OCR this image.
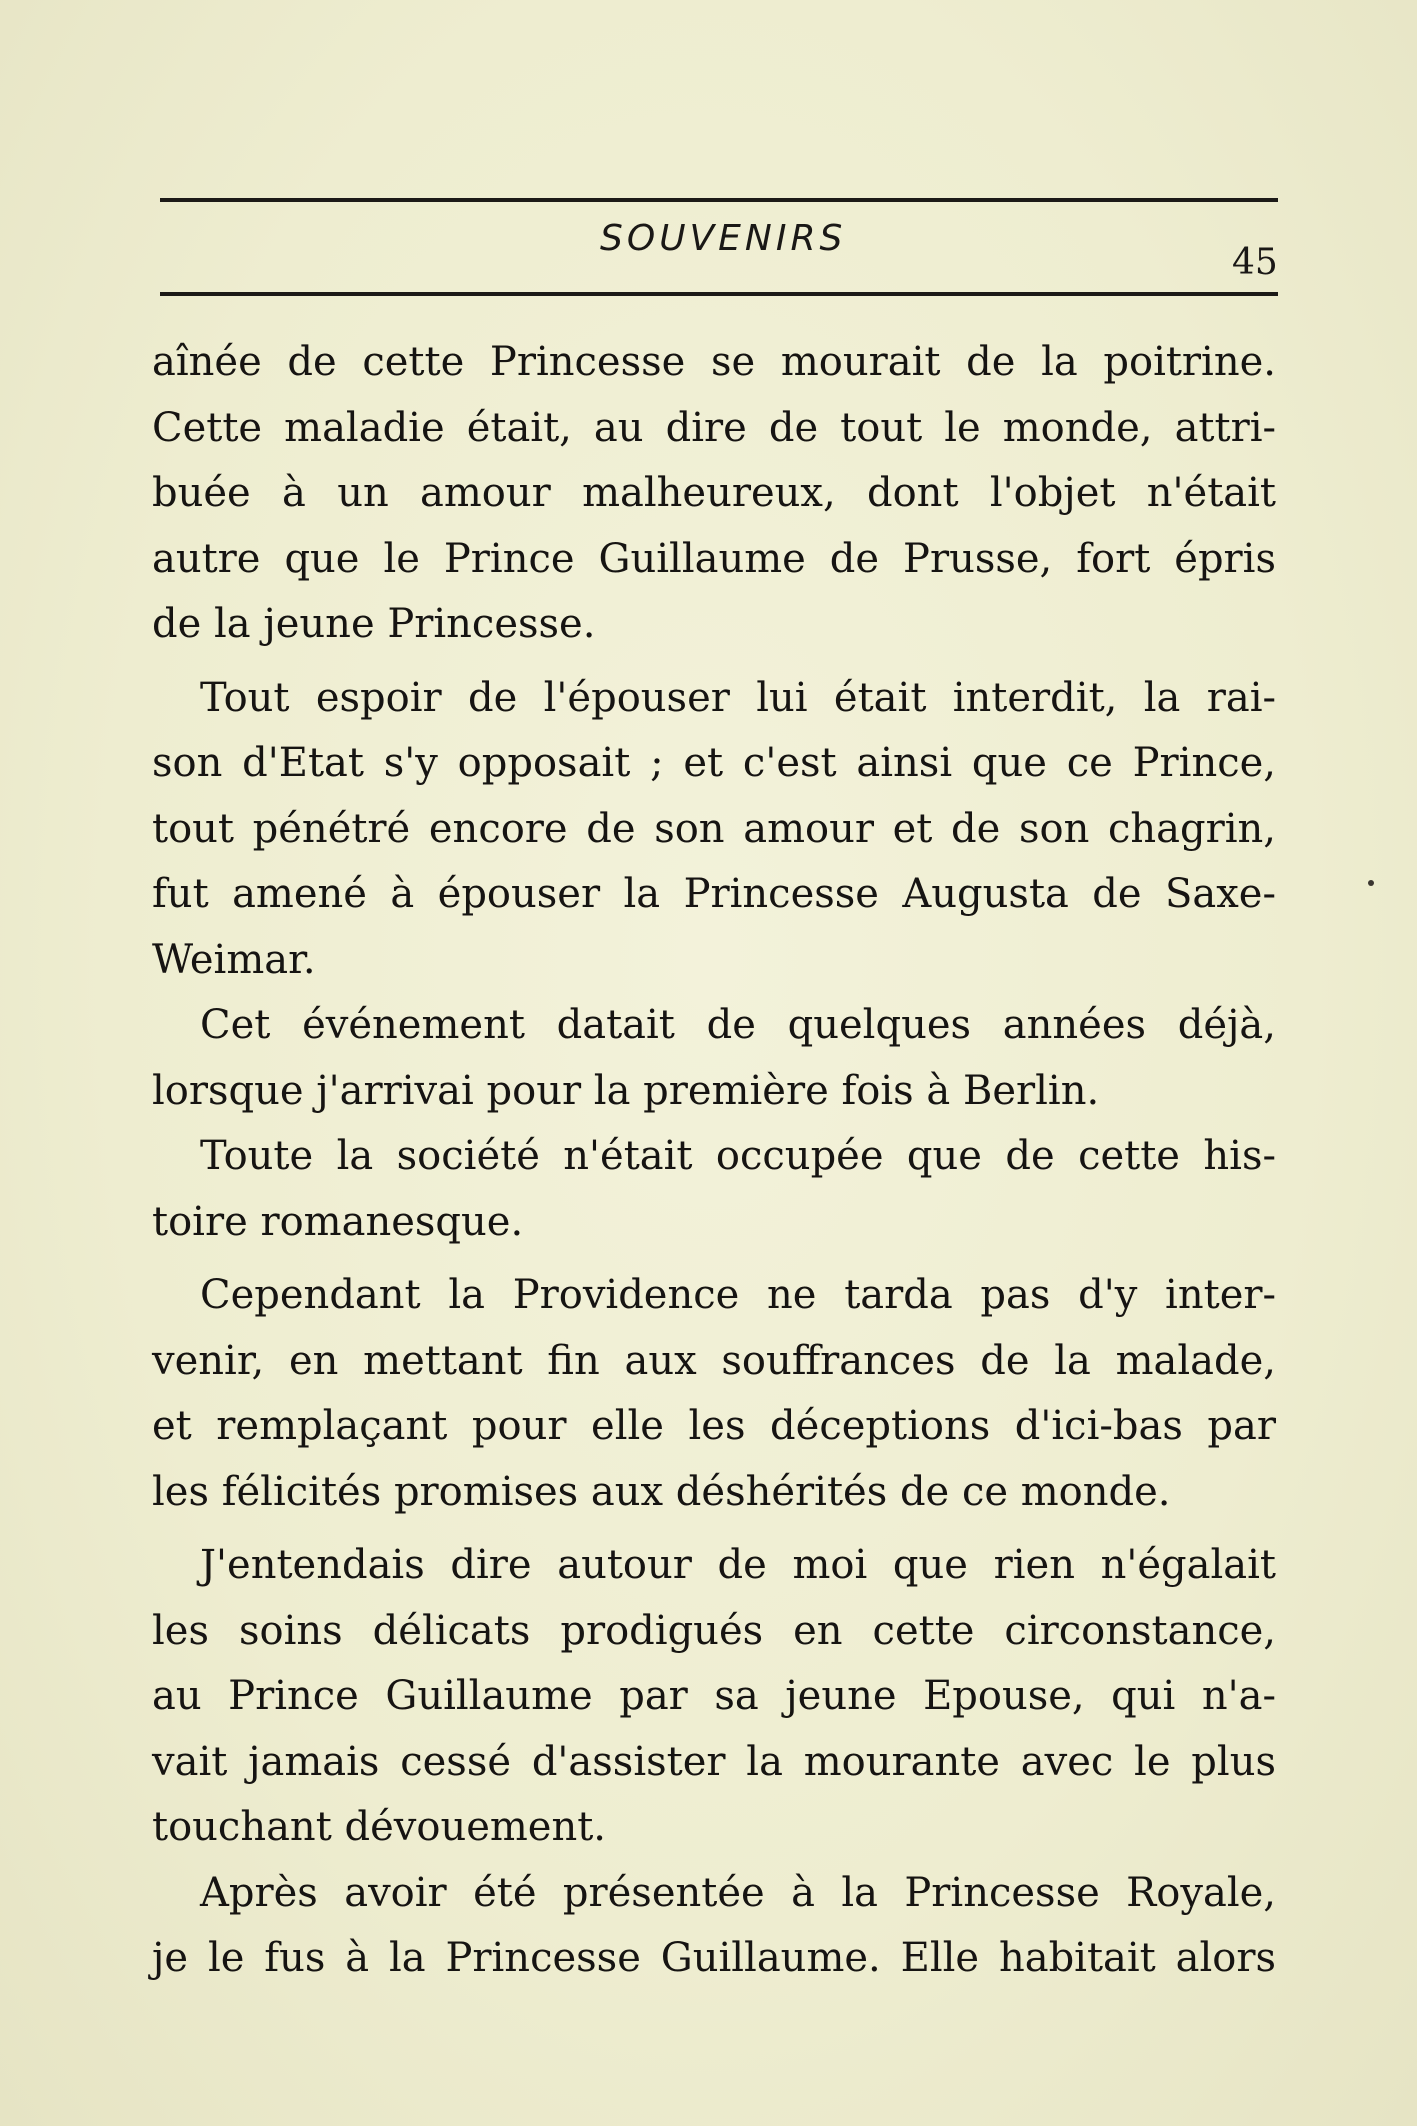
SOUVENIRS
45
aînée de cette Princesse se mourait de la poitrine.
Cette maladie était, au dire de tout le monde, attri-
buée à un amour malheureux, dont l'objet n'était
autre que le Prince Guillaume de Prusse, fort épris
de la jeune Princesse.
Tout espoir de l'épouser lui était interdit, la rai-
son d'Etat s'y opposait ; et c'est ainsi que ce Prince,
tout pénétré encore de son amour et de son chagrin,
fut amené à épouser la Princesse Augusta de Saxe-
Weimar.
Cet événement datait de quelques années déjà,
lorsque j'arrivai pour la première fois à Berlin.
Toute la société n'était occupée que de cette his-
toire romanesque.
Cependant la Providence ne tarda pas d'y inter-
venir, en mettant fin aux souffrances de la malade,
et remplaçant pour elle les déceptions d'ici-bas par
les félicités promises aux déshérités de ce monde.
J'entendais dire autour de moi que rien n'égalait
les soins délicats prodigués en cette circonstance,
au Prince Guillaume par sa jeune Epouse, qui n'a-
vait jamais cessé d'assister la mourante avec le plus
touchant dévouement.
Après avoir été présentée à la Princesse Royale,
je le fus à la Princesse Guillaume. Elle habitait alors
